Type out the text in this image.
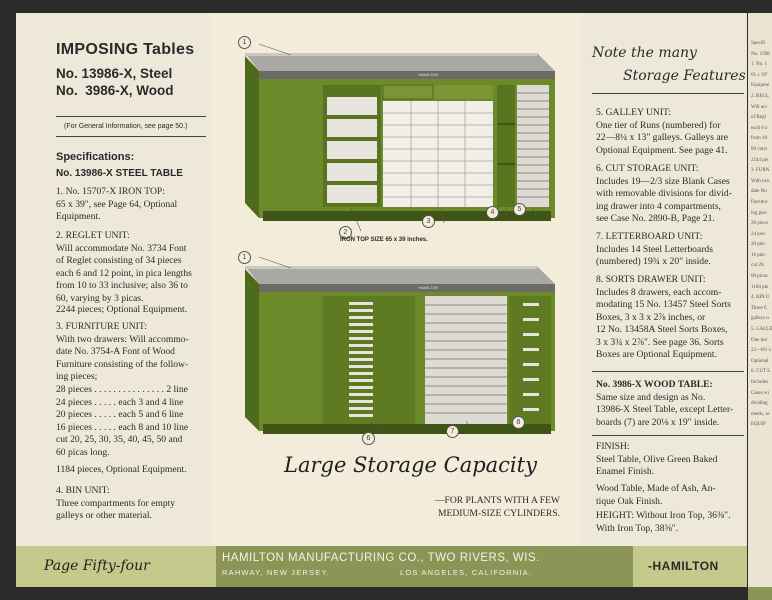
IMPOSING Tables
No. 13986-X, Steel
No.  3986-X, Wood
(For General Information, see page 50.)
Specifications:
No. 13986-X STEEL TABLE
1. No. 15707-X IRON TOP:
65 x 39", see Page 64, Optional
Equipment.
2. REGLET UNIT:
Will accommodate No. 3734 Font
of Reglet consisting of 34 pieces
each 6 and 12 point, in pica lengths
from 10 to 33 inclusive; also 36 to
60, varying by 3 picas.
2244 pieces; Optional Equipment.
3. FURNITURE UNIT:
With two drawers: Will accommo-
date No. 3754-A Font of Wood
Furniture consisting of the follow-
ing pieces;
28 pieces . . . . . . . . . . . . . . . 2 line
24 pieces . . . . . each 3 and 4 line
20 pieces . . . . . each 5 and 6 line
16 pieces . . . . . each 8 and 10 line
cut 20, 25, 30, 35, 40, 45, 50 and
60 picas long.
1184 pieces, Optional Equipment.
4. BIN UNIT:
Three compartments for empty
galleys or other material.
HAMILTON
HAMILTON
1
2
3
4	5
IRON TOP SIZE 65 x 39 inches.
1
6
7
8
Large Storage Capacity
—FOR PLANTS WITH A FEW
MEDIUM-SIZE CYLINDERS.
Note the many
Storage Features
5. GALLEY UNIT:
One tier of Runs (numbered) for
22—8¼ x 13" galleys. Galleys are
Optional Equipment. See page 41.
6. CUT STORAGE UNIT:
Includes 19—2/3 size Blank Cases
with removable divisions for divid-
ing drawer into 4 compartments,
see Case No. 2890-B, Page 21.
7. LETTERBOARD UNIT:
Includes 14 Steel Letterboards
(numbered) 19¾ x 20" inside.
8. SORTS DRAWER UNIT:
Includes 8 drawers, each accom-
modating 15 No. 13457 Steel Sorts
Boxes, 3 x 3 x 2⅞ inches, or
12 No. 13458A Steel Sorts Boxes,
3 x 3¾ x 2⅞". See page 36. Sorts
Boxes are Optional Equipment.
No. 3986-X WOOD TABLE:
Same size and design as No.
13986-X Steel Table, except Letter-
boards (7) are 20⅛ x 19" inside.
FINISH:
Steel Table, Olive Green Baked
Enamel Finish.
Wood Table, Made of Ash, An-
tique Oak Finish.
HEIGHT: Without Iron Top, 36⅜".
With Iron Top, 38⅜".
Page Fifty-four	HAMILTON MANUFACTURING CO., TWO RIVERS, WIS.
RAHWAY, NEW JERSEY.	LOS ANGELES, CALIFORNIA.	-HAMILTON
Specifi
No. 1398
1. No. 1
65 x 39"
Equipme
2. REGL
Will acc
of Regl
each 6 a
from 10
60 varyi
2244 pie
3. FURN
With two
date No
Furnitur
ing piec
28 piece
24 piec
20 piec
16 piec
cut 20,
60 picas
1184 pie
4. BIN U
Three C
galleys o
5. GALLE
One tier
22—8½ x
Optional
6. CUT S
Includes
Cases wi
dividing
ments, se
EQUIP
